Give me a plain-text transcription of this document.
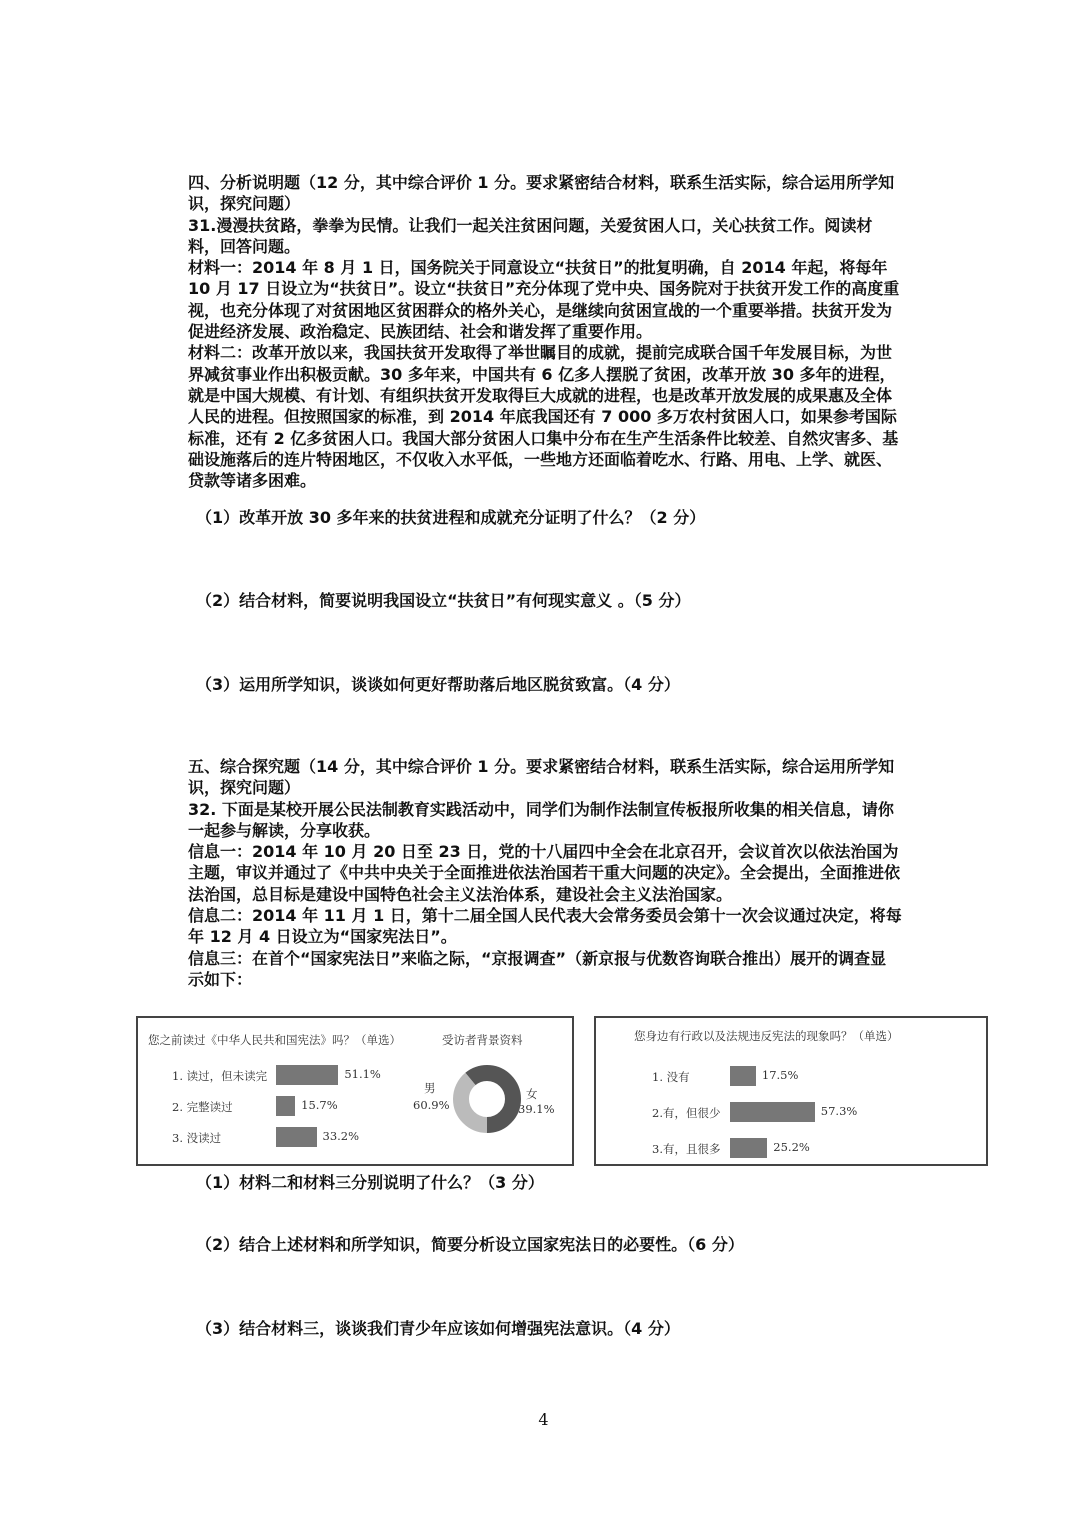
四、分析说明题（12 分，其中综合评价 1 分。要求紧密结合材料，联系生活实际，综合运用所学知识，探究问题）

31.漫漫扶贫路，拳拳为民情。让我们一起关注贫困问题，关爱贫困人口，关心扶贫工作。阅读材料，回答问题。

材料一：2014 年 8 月 1 日，国务院关于同意设立“扶贫日”的批复明确，自 2014 年起，将每年 10 月 17 日设立为“扶贫日”。设立“扶贫日”充分体现了党中央、国务院对于扶贫开发工作的高度重视，也充分体现了对贫困地区贫困群众的格外关心，是继续向贫困宣战的一个重要举措。扶贫开发为促进经济发展、政治稳定、民族团结、社会和谐发挥了重要作用。

材料二：改革开放以来，我国扶贫开发取得了举世瞩目的成就，提前完成联合国千年发展目标，为世界减贫事业作出积极贡献。30 多年来，中国共有 6 亿多人摆脱了贫困，改革开放 30 多年的进程，就是中国大规模、有计划、有组织扶贫开发取得巨大成就的进程，也是改革开放发展的成果惠及全体人民的进程。但按照国家的标准，到 2014 年底我国还有 7 000 多万农村贫困人口，如果参考国际标准，还有 2 亿多贫困人口。我国大部分贫困人口集中分布在生产生活条件比较差、自然灾害多、基础设施落后的连片特困地区，不仅收入水平低，一些地方还面临着吃水、行路、用电、上学、就医、贷款等诸多困难。

（1）改革开放 30 多年来的扶贫进程和成就充分证明了什么？（2 分）
（2）结合材料，简要说明我国设立“扶贫日”有何现实意义 。（5 分）
（3）运用所学知识，谈谈如何更好帮助落后地区脱贫致富。（4 分）

五、综合探究题（14 分，其中综合评价 1 分。要求紧密结合材料，联系生活实际，综合运用所学知识，探究问题）

32. 下面是某校开展公民法制教育实践活动中，同学们为制作法制宣传板报所收集的相关信息，请你一起参与解读，分享收获。

信息一：2014 年 10 月 20 日至 23 日，党的十八届四中全会在北京召开，会议首次以依法治国为主题，审议并通过了《中共中央关于全面推进依法治国若干重大问题的决定》。全会提出，全面推进依法治国，总目标是建设中国特色社会主义法治体系，建设社会主义法治国家。

信息二：2014 年 11 月 1 日，第十二届全国人民代表大会常务委员会第十一次会议通过决定，将每年 12 月 4 日设立为“国家宪法日”。

信息三：在首个“国家宪法日”来临之际，“京报调查”（新京报与优数咨询联合推出）展开的调查显示如下：

您之前读过《中华人民共和国宪法》吗？（单选）	受访者背景资料
1. 读过，但未读完	51.1%
2. 完整读过	15.7%
3. 没读过	33.2%
男
60.9%
女
39.1%
您身边有行政以及法规违反宪法的现象吗？（单选）
1. 没有	17.5%
2.有，但很少	57.3%
3.有，且很多	25.2%
（1）材料二和材料三分别说明了什么？（3 分）
（2）结合上述材料和所学知识，简要分析设立国家宪法日的必要性。（6 分）
（3）结合材料三，谈谈我们青少年应该如何增强宪法意识。（4 分）
4
